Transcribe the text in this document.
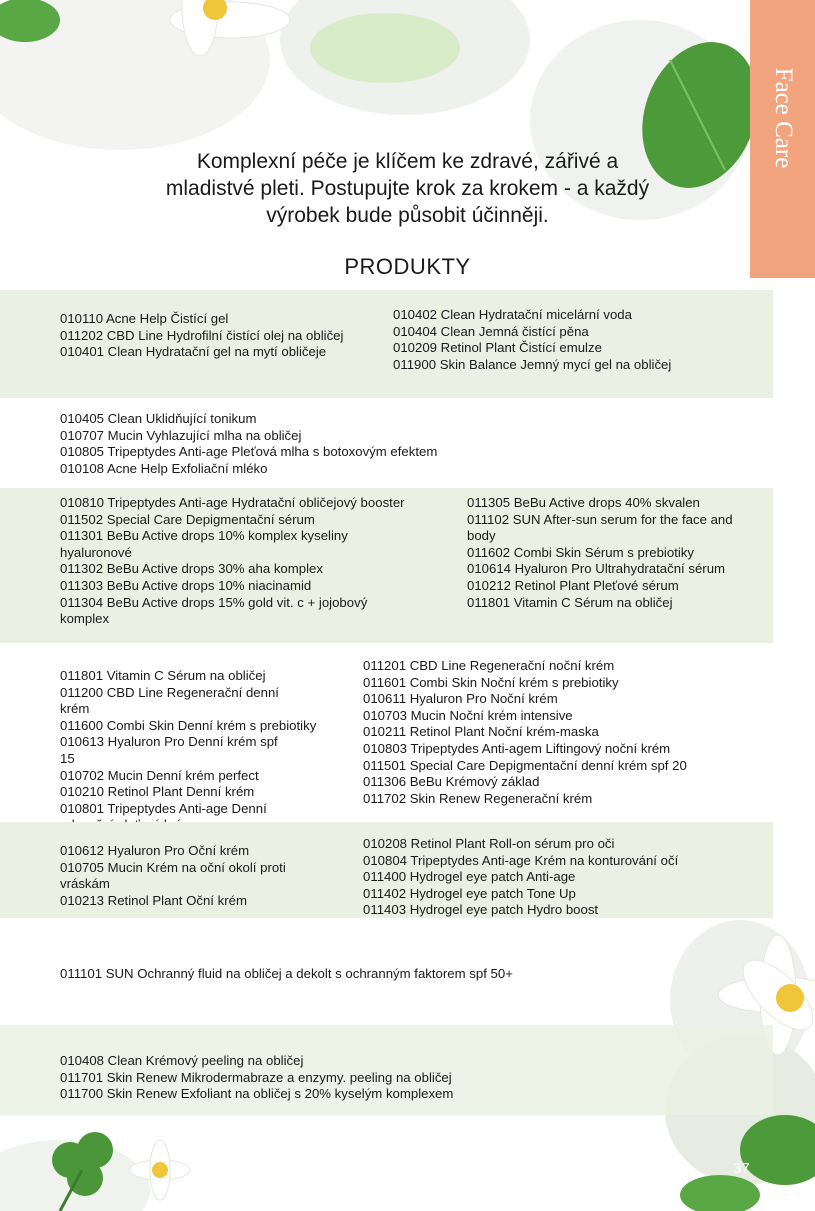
Face Care
Komplexní péče je klíčem ke zdravé, zářivé a mladistvé pleti. Postupujte krok za krokem - a každý výrobek bude působit účinněji.
PRODUKTY
010110 Acne Help Čistící gel
011202 CBD Line Hydrofilní čistící olej na obličej
010401 Clean Hydratační gel na mytí obličeje
010402 Clean Hydratační micelární voda
010404 Clean Jemná čistící pěna
010209 Retinol Plant Čistící emulze
011900 Skin Balance Jemný mycí gel na obličej
010405 Clean Uklidňující tonikum
010707 Mucin Vyhlazující mlha na obličej
010805 Tripeptydes Anti-age Pleťová mlha s botoxovým efektem
010108 Acne Help Exfoliační mléko
010810 Tripeptydes Anti-age Hydratační obličejový booster
011502 Special Care Depigmentační sérum
011301 BeBu Active drops 10% komplex kyseliny hyaluronové
011302 BeBu Active drops 30% aha komplex
011303 BeBu Active drops 10% niacinamid
011304 BeBu Active drops 15% gold vit. c + jojobový komplex
011305 BeBu Active drops 40% skvalen
011102 SUN After-sun serum for the face and body
011602 Combi Skin Sérum s prebiotiky
010614 Hyaluron Pro Ultrahydratační sérum
010212 Retinol Plant Pleťové sérum
011801 Vitamin C Sérum na obličej
011801 Vitamin C Sérum na obličej
011200 CBD Line Regenerační denní krém
011600 Combi Skin Denní krém s prebiotiky
010613 Hyaluron Pro Denní krém spf 15
010702 Mucin Denní krém perfect
010210 Retinol Plant Denní krém
010801 Tripeptydes Anti-age Denní
011201 CBD Line Regenerační noční krém
011601 Combi Skin Noční krém s prebiotiky
010611 Hyaluron Pro Noční krém
010703 Mucin Noční krém intensive
010211 Retinol Plant Noční krém-maska
010803 Tripeptydes Anti-agem Liftingový noční krém
011501 Special Care Depigmentační denní krém spf 20
011306 BeBu Krémový základ
011702 Skin Renew Regenerační krém
010612 Hyaluron Pro Oční krém
010705 Mucin Krém na oční okolí proti vráskám
010213 Retinol Plant Oční krém
010208 Retinol Plant Roll-on sérum pro oči
010804 Tripeptydes Anti-age Krém na konturování očí
011400 Hydrogel eye patch Anti-age
011402 Hydrogel eye patch Tone Up
011403 Hydrogel eye patch Hydro boost
011101 SUN Ochranný fluid na obličej a dekolt s ochranným faktorem spf 50+
010408 Clean Krémový peeling na obličej
011701 Skin Renew Mikrodermabraze a enzymy. peeling na obličej
011700 Skin Renew Exfoliant na obličej s 20% kyselým komplexem
37
